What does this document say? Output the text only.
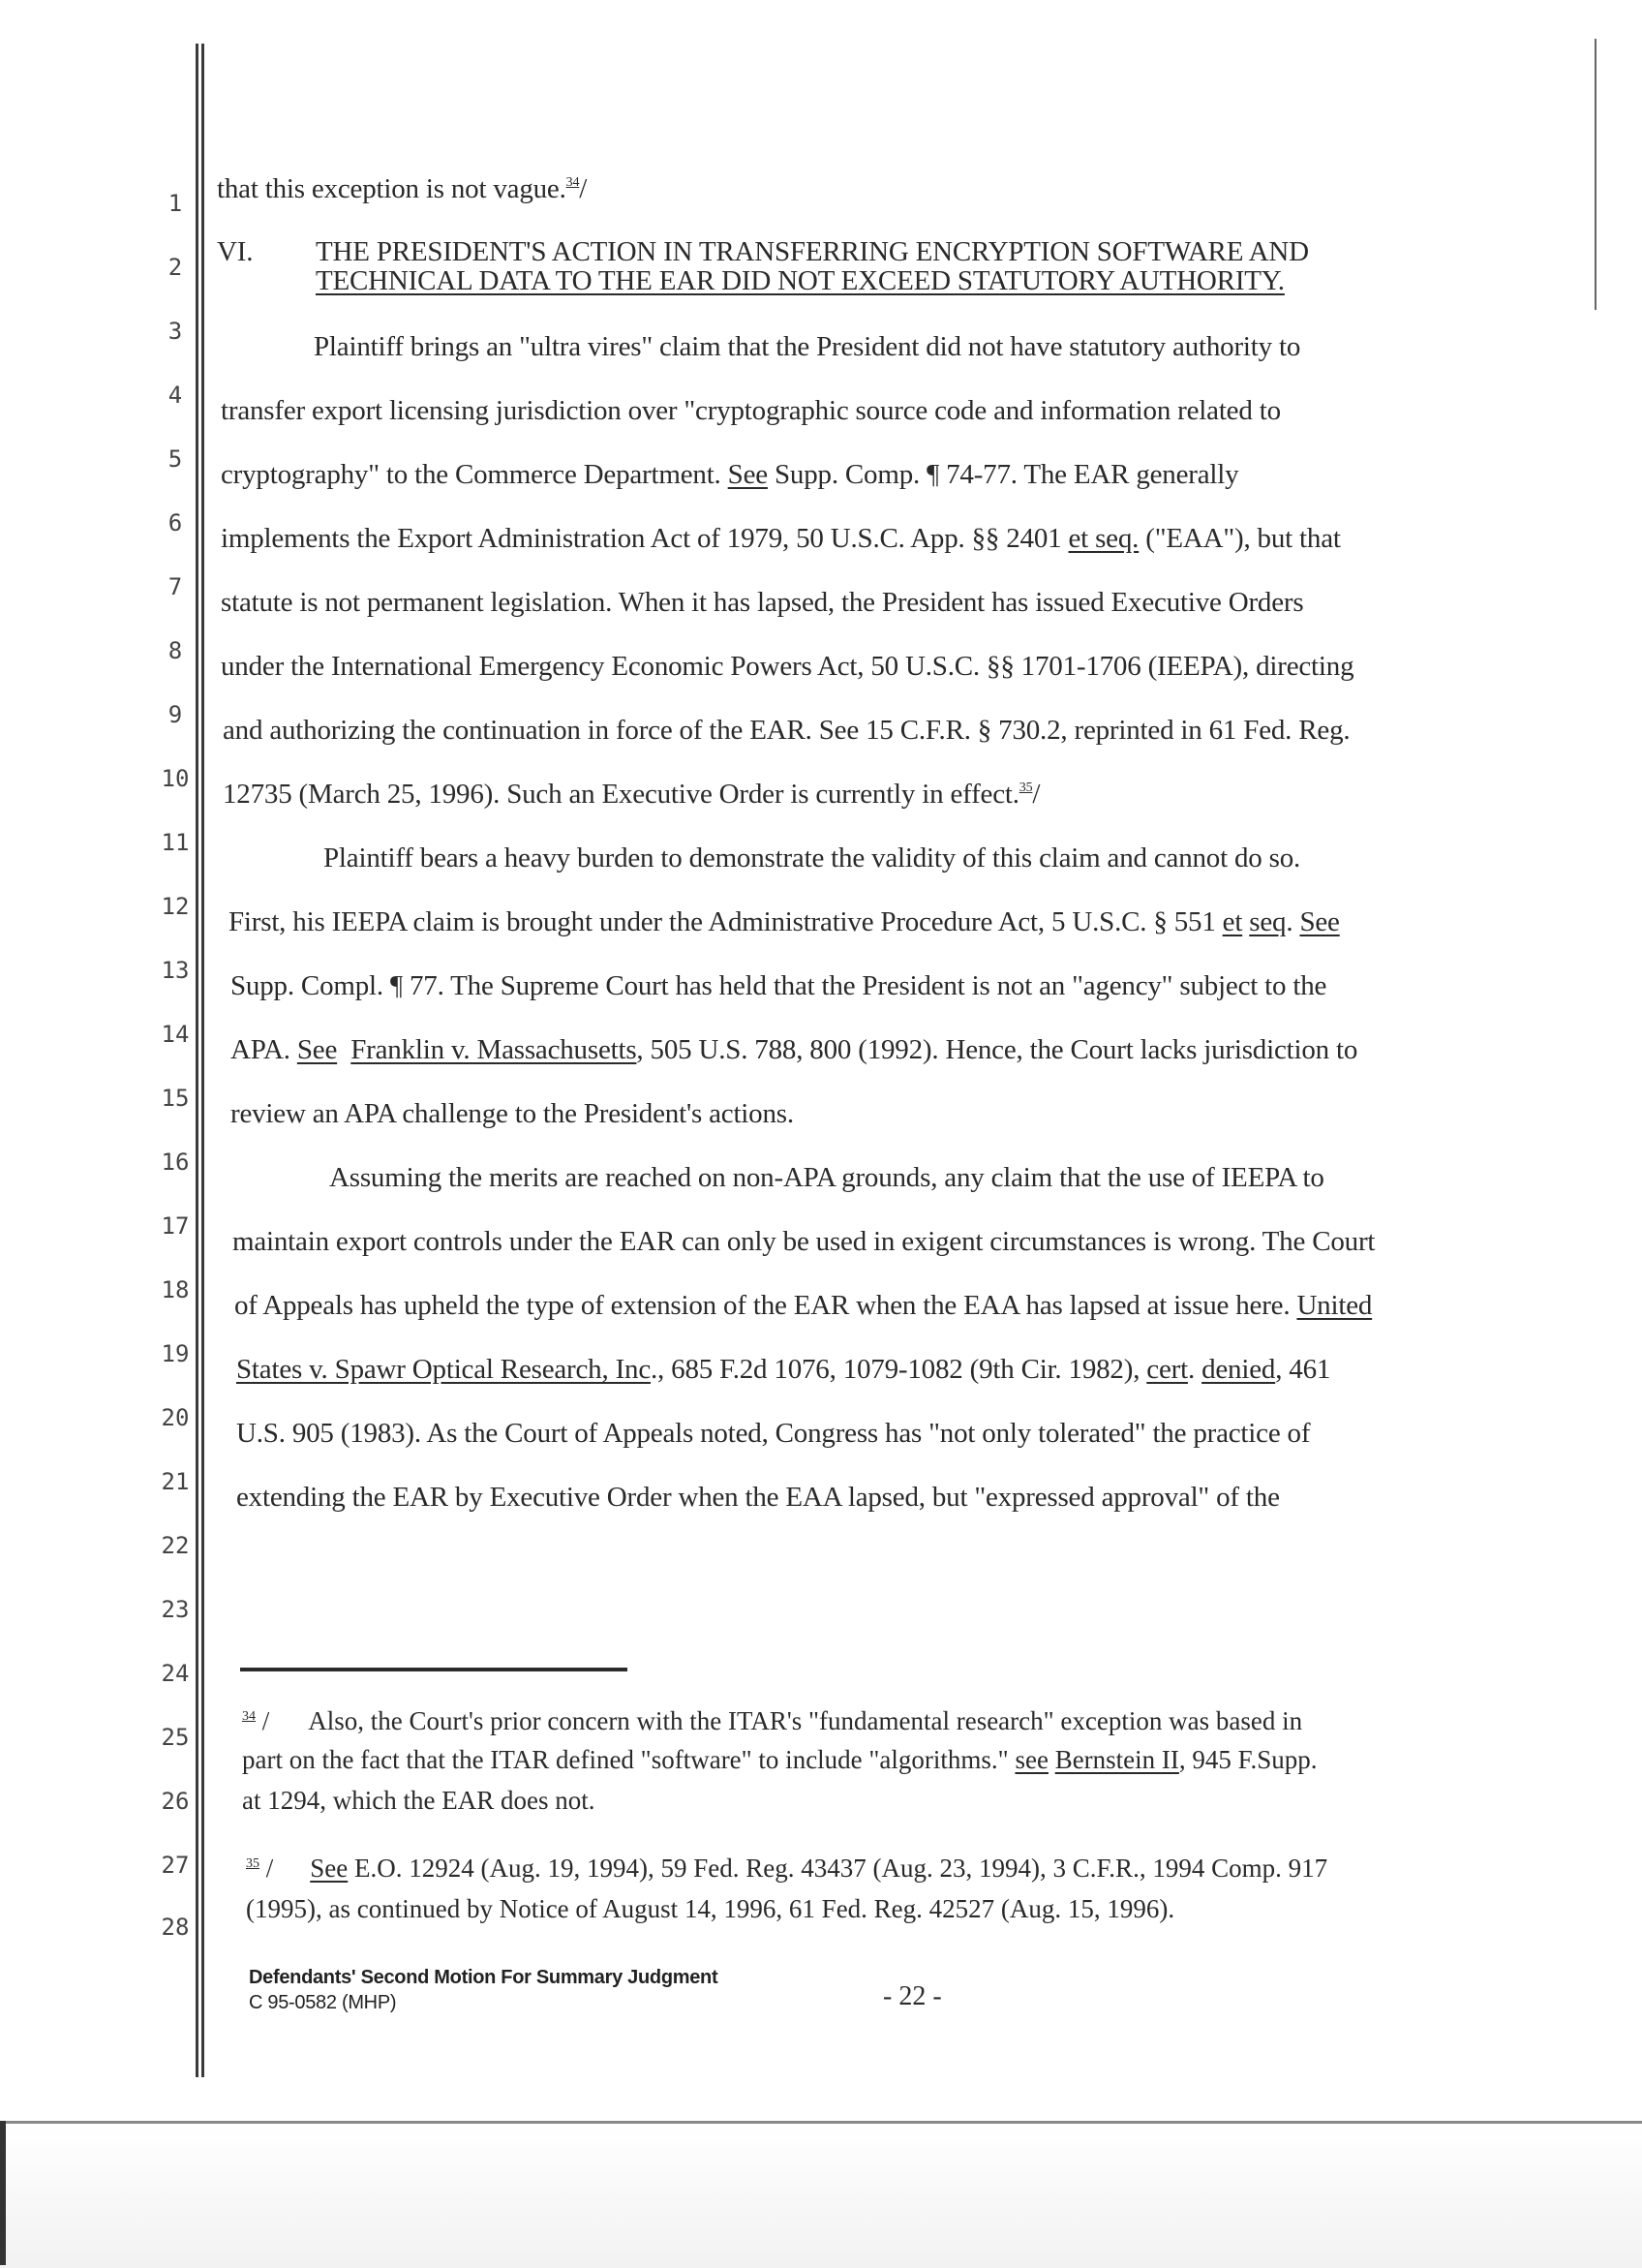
1
2
3
4
5
6
7
8
9
10
11
12
13
14
15
16
17
18
19
20
21
22
23
24
25
26
27
28
that this exception is not vague.$^{34}$/
VI. THE PRESIDENT'S ACTION IN TRANSFERRING ENCRYPTION SOFTWARE AND
TECHNICAL DATA TO THE EAR DID NOT EXCEED STATUTORY AUTHORITY.
Plaintiff brings an "ultra vires" claim that the President did not have statutory authority to
transfer export licensing jurisdiction over "cryptographic source code and information related to
cryptography" to the Commerce Department. See Supp. Comp. ¶ 74-77. The EAR generally
implements the Export Administration Act of 1979, 50 U.S.C. App. §§ 2401 et seq. ("EAA"), but that
statute is not permanent legislation. When it has lapsed, the President has issued Executive Orders
under the International Emergency Economic Powers Act, 50 U.S.C. §§ 1701-1706 (IEEPA), directing
and authorizing the continuation in force of the EAR. See 15 C.F.R. § 730.2, reprinted in 61 Fed. Reg.
12735 (March 25, 1996). Such an Executive Order is currently in effect.$^{35}$/
Plaintiff bears a heavy burden to demonstrate the validity of this claim and cannot do so.
First, his IEEPA claim is brought under the Administrative Procedure Act, 5 U.S.C. § 551 et seq. See
Supp. Compl. ¶ 77. The Supreme Court has held that the President is not an "agency" subject to the
APA. See Franklin v. Massachusetts, 505 U.S. 788, 800 (1992). Hence, the Court lacks jurisdiction to
review an APA challenge to the President's actions.
Assuming the merits are reached on non-APA grounds, any claim that the use of IEEPA to
maintain export controls under the EAR can only be used in exigent circumstances is wrong. The Court
of Appeals has upheld the type of extension of the EAR when the EAA has lapsed at issue here. United
States v. Spawr Optical Research, Inc., 685 F.2d 1076, 1079-1082 (9th Cir. 1982), cert. denied, 461
U.S. 905 (1983). As the Court of Appeals noted, Congress has "not only tolerated" the practice of
extending the EAR by Executive Order when the EAA lapsed, but "expressed approval" of the
$^{34}$ / Also, the Court's prior concern with the ITAR's "fundamental research" exception was based in
part on the fact that the ITAR defined "software" to include "algorithms." see Bernstein II, 945 F.Supp.
at 1294, which the EAR does not.
$^{35}$ / See E.O. 12924 (Aug. 19, 1994), 59 Fed. Reg. 43437 (Aug. 23, 1994), 3 C.F.R., 1994 Comp. 917
(1995), as continued by Notice of August 14, 1996, 61 Fed. Reg. 42527 (Aug. 15, 1996).
Defendants' Second Motion For Summary Judgment
C 95-0582 (MHP)	- 22 -
